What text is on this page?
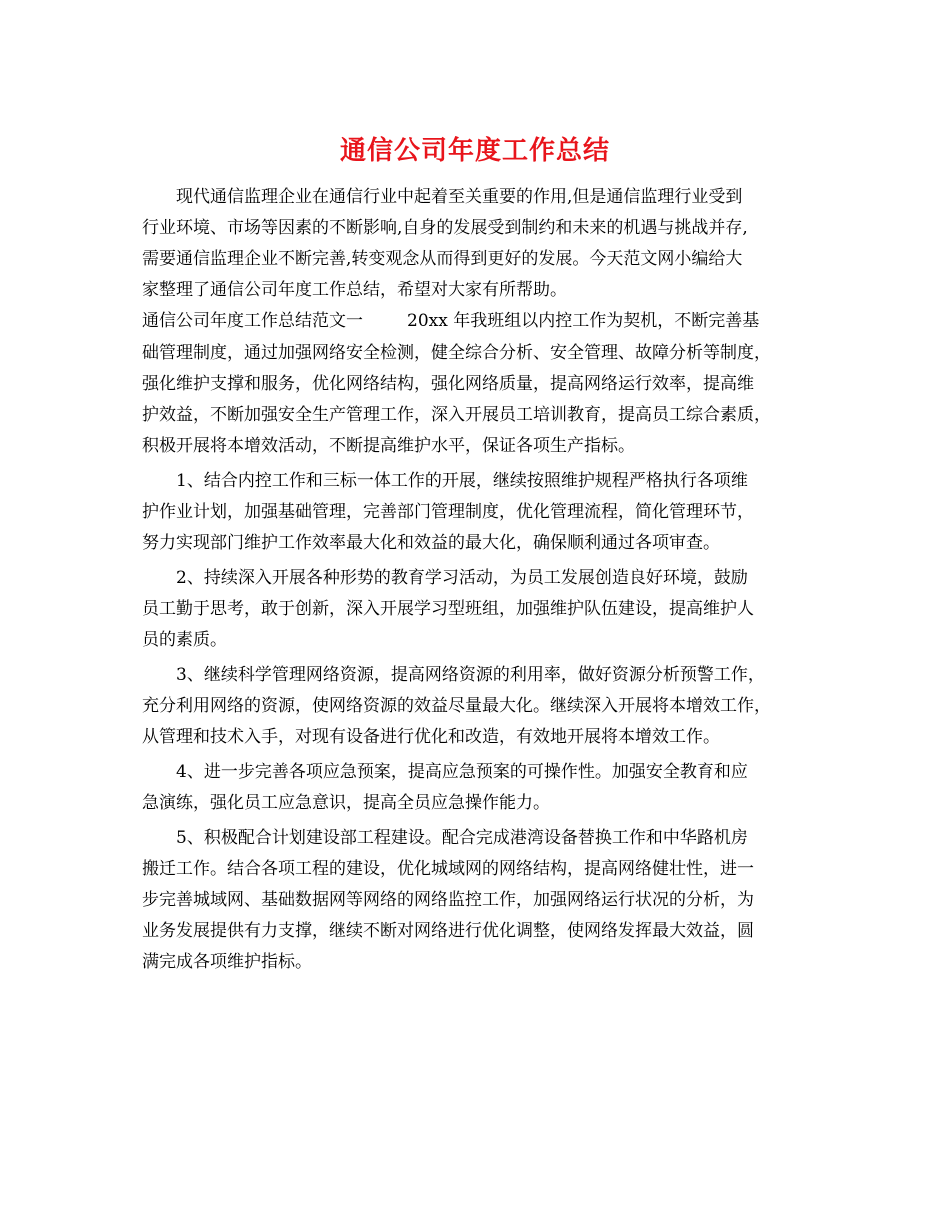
通信公司年度工作总结
现代通信监理企业在通信行业中起着至关重要的作用,但是通信监理行业受到
行业环境、市场等因素的不断影响,自身的发展受到制约和未来的机遇与挑战并存,
需要通信监理企业不断完善,转变观念从而得到更好的发展。今天范文网小编给大
家整理了通信公司年度工作总结，希望对大家有所帮助。
通信公司年度工作总结范文一	20xx 年我班组以内控工作为契机，不断完善基
础管理制度，通过加强网络安全检测，健全综合分析、安全管理、故障分析等制度，
强化维护支撑和服务，优化网络结构，强化网络质量，提高网络运行效率，提高维
护效益，不断加强安全生产管理工作，深入开展员工培训教育，提高员工综合素质，
积极开展将本增效活动，不断提高维护水平，保证各项生产指标。
1、结合内控工作和三标一体工作的开展，继续按照维护规程严格执行各项维
护作业计划，加强基础管理，完善部门管理制度，优化管理流程，简化管理环节，
努力实现部门维护工作效率最大化和效益的最大化，确保顺利通过各项审查。
2、持续深入开展各种形势的教育学习活动，为员工发展创造良好环境，鼓励
员工勤于思考，敢于创新，深入开展学习型班组，加强维护队伍建设，提高维护人
员的素质。
3、继续科学管理网络资源，提高网络资源的利用率，做好资源分析预警工作，
充分利用网络的资源，使网络资源的效益尽量最大化。继续深入开展将本增效工作，
从管理和技术入手，对现有设备进行优化和改造，有效地开展将本增效工作。
4、进一步完善各项应急预案，提高应急预案的可操作性。加强安全教育和应
急演练，强化员工应急意识，提高全员应急操作能力。
5、积极配合计划建设部工程建设。配合完成港湾设备替换工作和中华路机房
搬迁工作。结合各项工程的建设，优化城域网的网络结构，提高网络健壮性，进一
步完善城域网、基础数据网等网络的网络监控工作，加强网络运行状况的分析，为
业务发展提供有力支撑，继续不断对网络进行优化调整，使网络发挥最大效益，圆
满完成各项维护指标。
